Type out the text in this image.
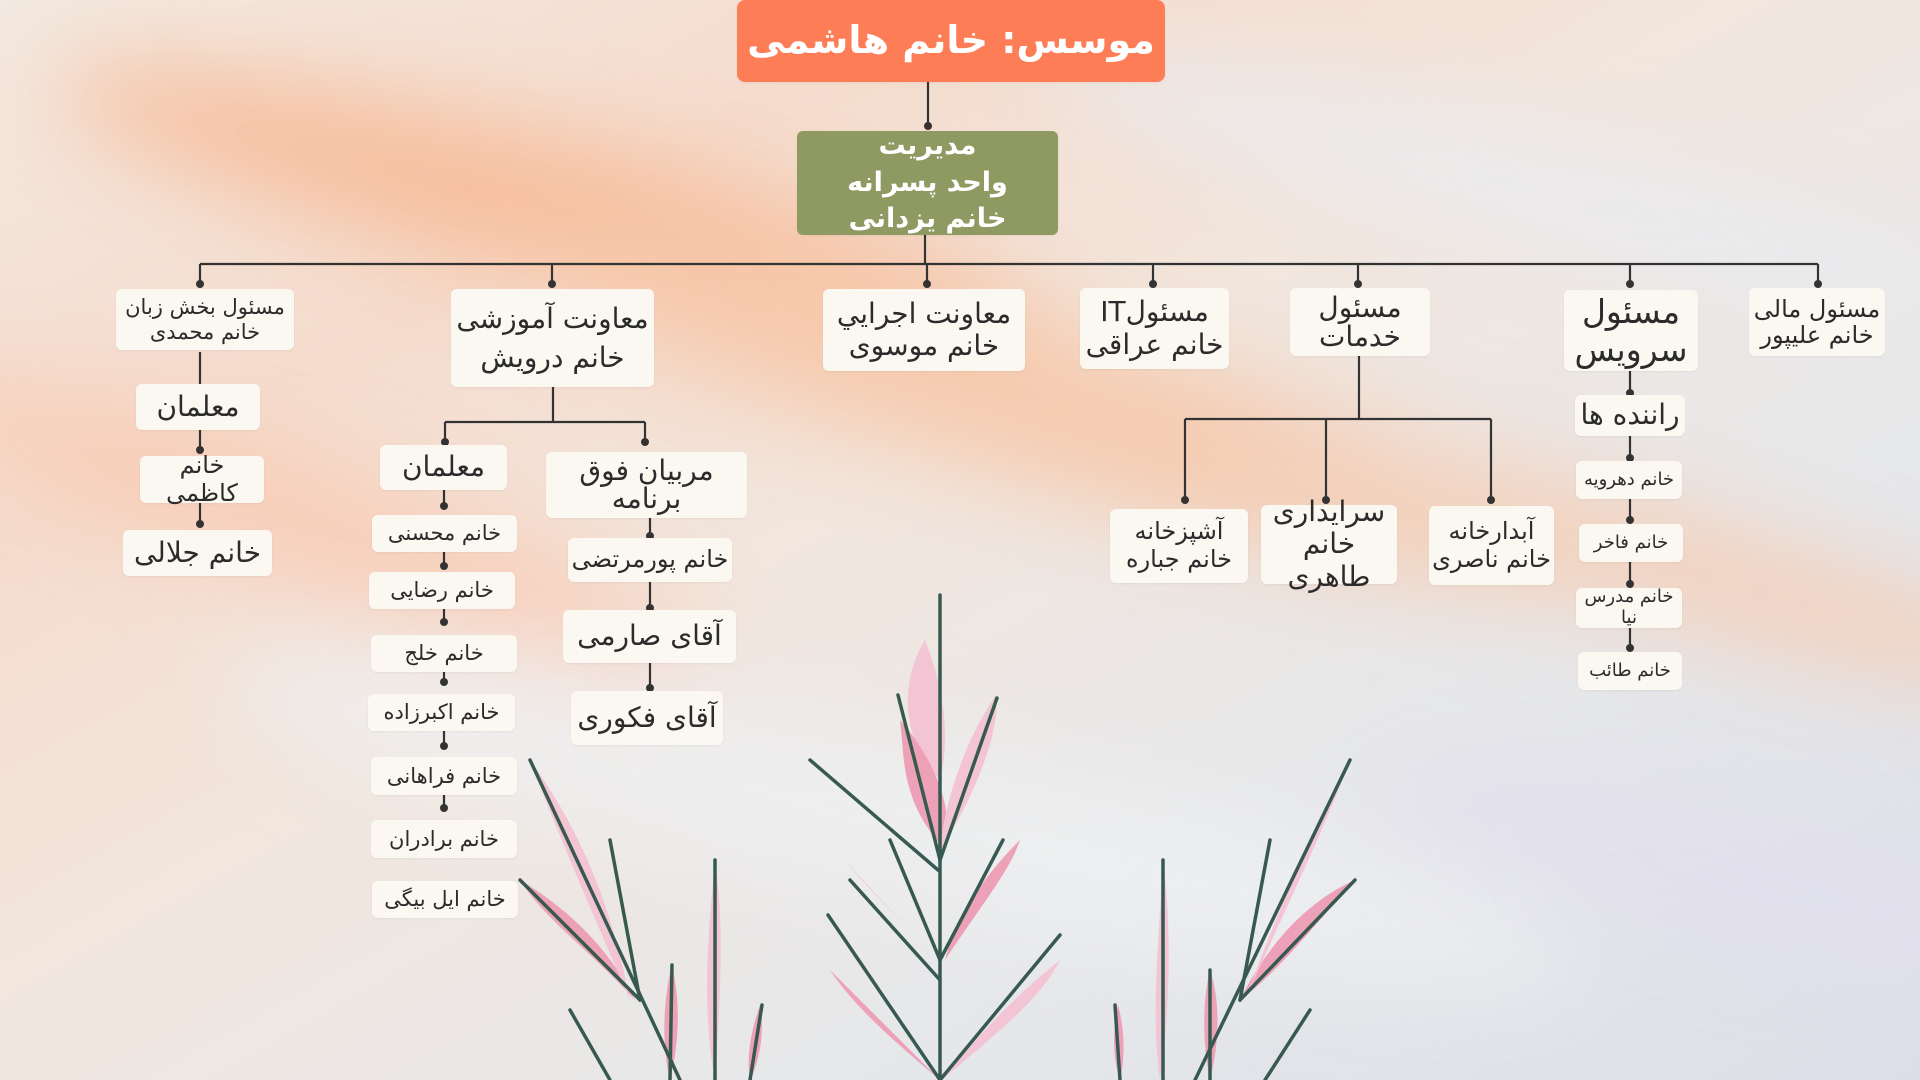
موسس: خانم هاشمی
مدیریت
واحد پسرانه
خانم یزدانی
مسئول بخش زبان
خانم محمدی
معلمان
خانم کاظمی
خانم جلالی
معاونت آموزشی
خانم درویش
معلمان
خانم محسنی
خانم رضایی
خانم خلج
خانم اکبرزاده
خانم فراهانی
خانم برادران
خانم ایل بیگی
مربیان فوق
برنامه
خانم پورمرتضی
آقای صارمی
آقای فکوری
معاونت اجرايي
خانم موسوی
مسئولIT
خانم عراقی
مسئول
خدمات
آشپزخانه
خانم جباره
سرایداری
خانم طاهری
آبدارخانه
خانم ناصری
مسئول
سرویس
راننده ها
خانم دهرویه
خانم فاخر
خانم مدرس نیا
خانم طائب
مسئول مالی
خانم علیپور
